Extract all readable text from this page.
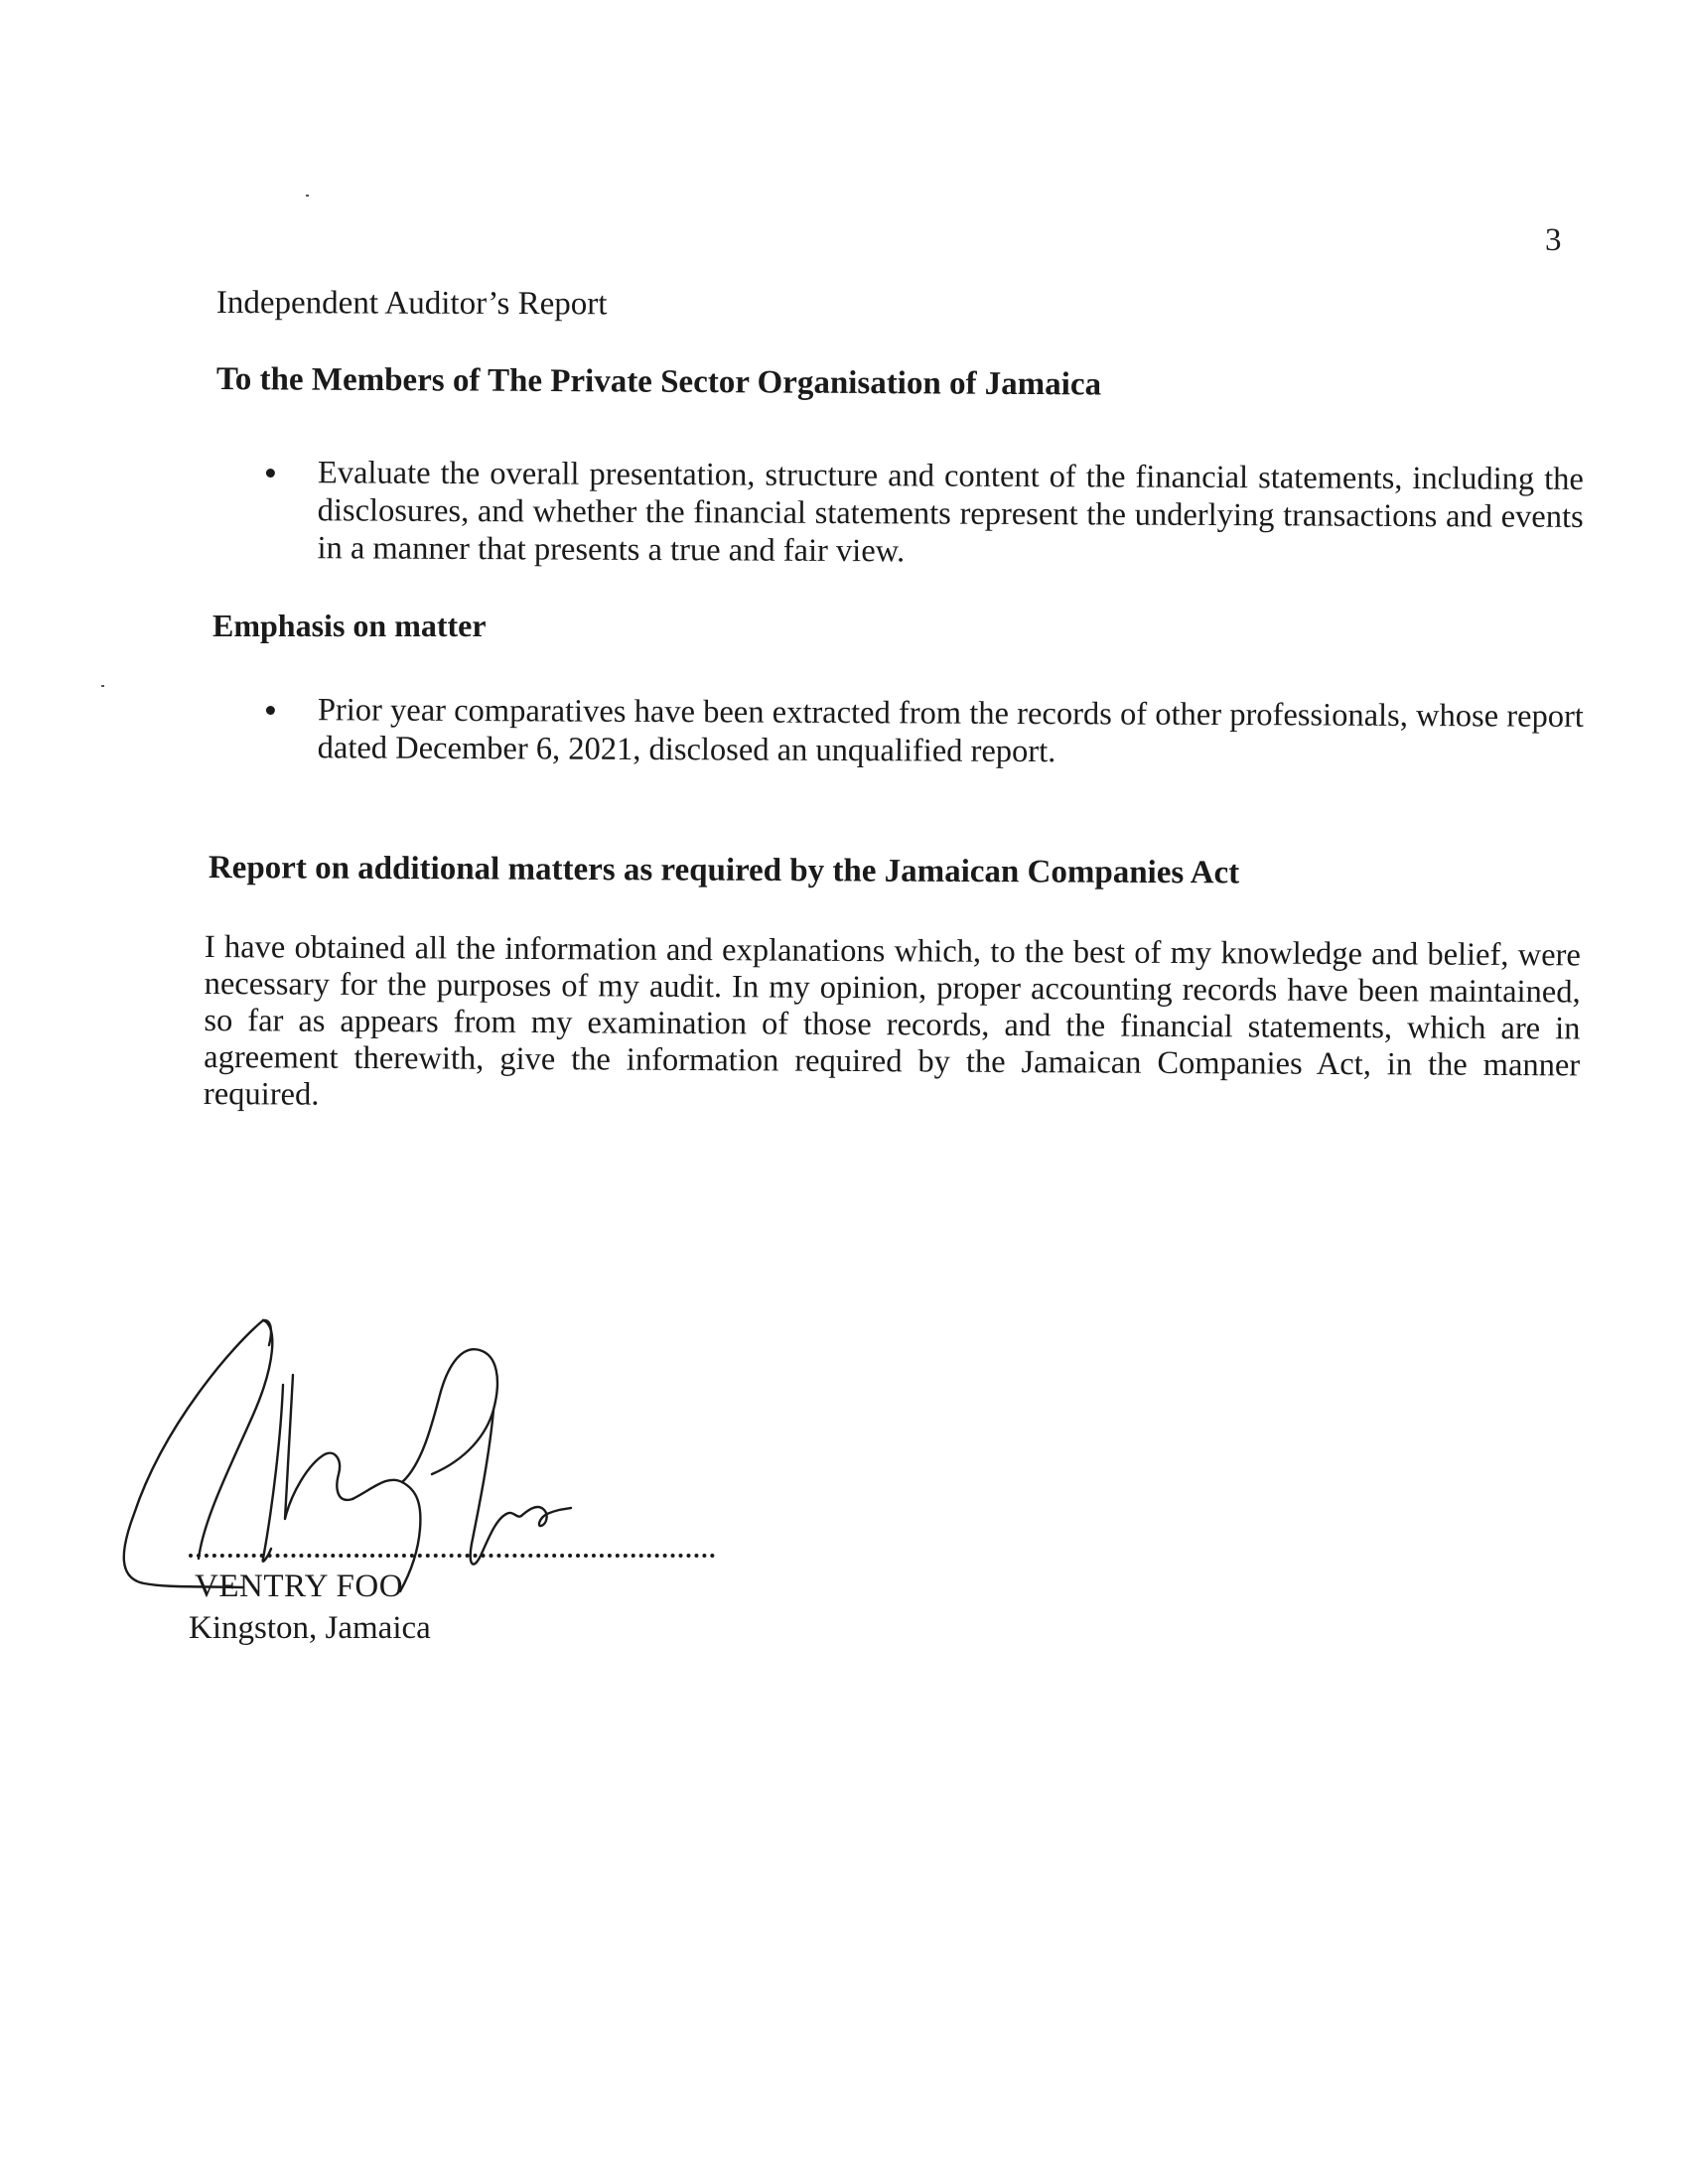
3
Independent Auditor’s Report
To the Members of The Private Sector Organisation of Jamaica
Evaluate the overall presentation, structure and content of the financial statements, including the disclosures, and whether the financial statements represent the underlying transactions and events in a manner that presents a true and fair view.
Emphasis on matter
Prior year comparatives have been extracted from the records of other professionals, whose report dated December 6, 2021, disclosed an unqualified report.
Report on additional matters as required by the Jamaican Companies Act
I have obtained all the information and explanations which, to the best of my knowledge and belief, were necessary for the purposes of my audit. In my opinion, proper accounting records have been maintained, so far as appears from my examination of those records, and the financial statements, which are in agreement therewith, give the information required by the Jamaican Companies Act, in the manner required.
VENTRY FOO
Kingston, Jamaica
